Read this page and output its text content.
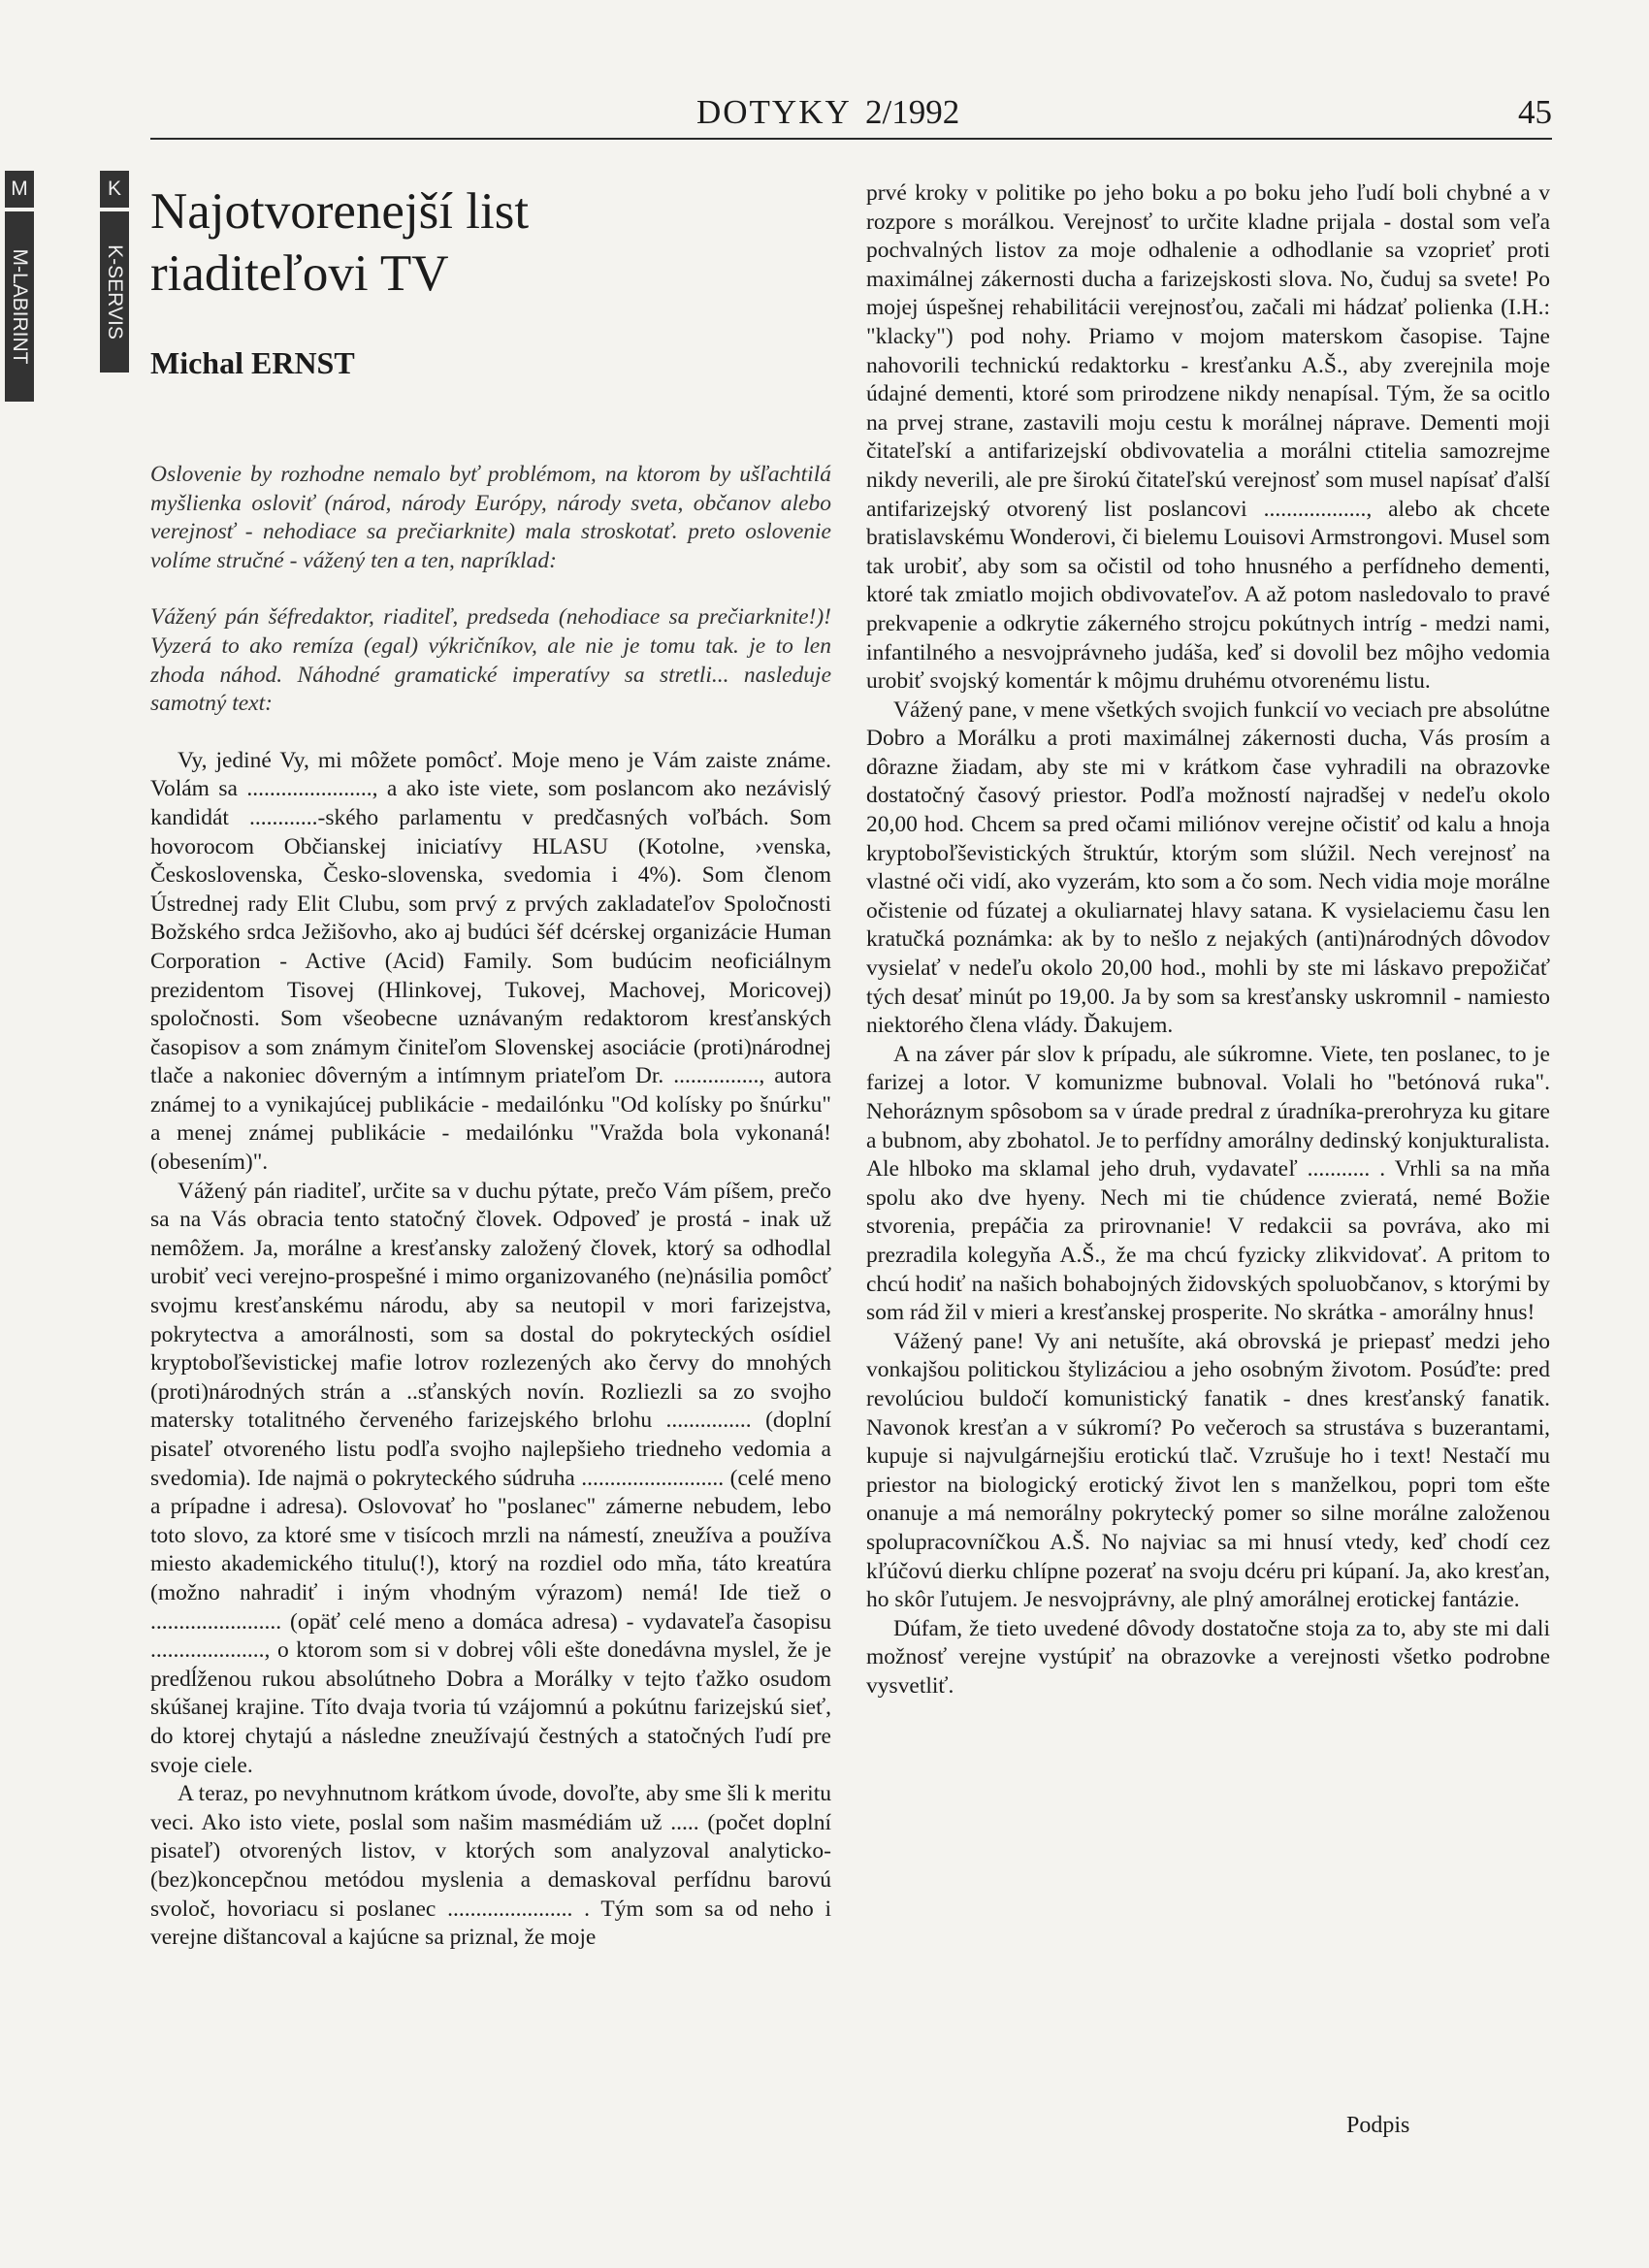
DOTYKY 2/1992	45
M
M-LABIRINT
K
K-SERVIS
Najotvorenejší list riaditeľovi TV
Michal ERNST

Oslovenie by rozhodne nemalo byť problémom, na ktorom by ušľachtilá myšlienka osloviť (národ, národy Európy, národy sveta, občanov alebo verejnosť - nehodiace sa prečiarknite) mala stroskotať. preto oslovenie volíme stručné - vážený ten a ten, napríklad:

Vážený pán šéfredaktor, riaditeľ, predseda (nehodiace sa prečiarknite!)! Vyzerá to ako remíza (egal) výkričníkov, ale nie je tomu tak. je to len zhoda náhod. Náhodné gramatické imperatívy sa stretli... nasleduje samotný text:

Vy, jediné Vy, mi môžete pomôcť. Moje meno je Vám zaiste známe. Volám sa ......................, a ako iste viete, som poslancom ako nezávislý kandidát ............-ského parlamentu v predčasných voľbách. Som hovorocom Občianskej iniciatívy HLASU (Kotolne, ›venska, Československa, Česko-slovenska, svedomia i 4%). Som členom Ústrednej rady Elit Clubu, som prvý z prvých zakladateľov Spoločnosti Božského srdca Ježišovho, ako aj budúci šéf dcérskej organizácie Human Corporation - Active (Acid) Family. Som budúcim neoficiálnym prezidentom Tisovej (Hlinkovej, Tukovej, Machovej, Moricovej) spoločnosti. Som všeobecne uznávaným redaktorom kresťanských časopisov a som známym činiteľom Slovenskej asociácie (proti)národnej tlače a nakoniec dôverným a intímnym priateľom Dr. ..............., autora známej to a vynikajúcej publikácie - medailónku "Od kolísky po šnúrku" a menej známej publikácie - medailónku "Vražda bola vykonaná! (obesením)".

Vážený pán riaditeľ, určite sa v duchu pýtate, prečo Vám píšem, prečo sa na Vás obracia tento statočný človek. Odpoveď je prostá - inak už nemôžem. Ja, morálne a kresťansky založený človek, ktorý sa odhodlal urobiť veci verejno-prospešné i mimo organizovaného (ne)násilia pomôcť svojmu kresťanskému národu, aby sa neutopil v mori farizejstva, pokrytectva a amorálnosti, som sa dostal do pokryteckých osídiel kryptoboľševistickej mafie lotrov rozlezených ako červy do mnohých (proti)národných strán a ..sťanských novín. Rozliezli sa zo svojho matersky totalitného červeného farizejského brlohu ............... (doplní pisateľ otvoreného listu podľa svojho najlepšieho triedneho vedomia a svedomia). Ide najmä o pokryteckého súdruha ......................... (celé meno a prípadne i adresa). Oslovovať ho "poslanec" zámerne nebudem, lebo toto slovo, za ktoré sme v tisícoch mrzli na námestí, zneužíva a používa miesto akademického titulu(!), ktorý na rozdiel odo mňa, táto kreatúra (možno nahradiť i iným vhodným výrazom) nemá! Ide tiež o ....................... (opäť celé meno a domáca adresa) - vydavateľa časopisu ...................., o ktorom som si v dobrej vôli ešte donedávna myslel, že je predĺženou rukou absolútneho Dobra a Morálky v tejto ťažko osudom skúšanej krajine. Títo dvaja tvoria tú vzájomnú a pokútnu farizejskú sieť, do ktorej chytajú a následne zneužívajú čestných a statočných ľudí pre svoje ciele.

A teraz, po nevyhnutnom krátkom úvode, dovoľte, aby sme šli k meritu veci. Ako isto viete, poslal som našim masmédiám už ..... (počet doplní pisateľ) otvorených listov, v ktorých som analyzoval analyticko-(bez)koncepčnou metódou myslenia a demaskoval perfídnu barovú svoloč, hovoriacu si poslanec ...................... . Tým som sa od neho i verejne dištancoval a kajúcne sa priznal, že moje

prvé kroky v politike po jeho boku a po boku jeho ľudí boli chybné a v rozpore s morálkou. Verejnosť to určite kladne prijala - dostal som veľa pochvalných listov za moje odhalenie a odhodlanie sa vzoprieť proti maximálnej zákernosti ducha a farizejskosti slova. No, čuduj sa svete! Po mojej úspešnej rehabilitácii verejnosťou, začali mi hádzať polienka (I.H.: "klacky") pod nohy. Priamo v mojom materskom časopise. Tajne nahovorili technickú redaktorku - kresťanku A.Š., aby zverejnila moje údajné dementi, ktoré som prirodzene nikdy nenapísal. Tým, že sa ocitlo na prvej strane, zastavili moju cestu k morálnej náprave. Dementi moji čitateľskí a antifarizejskí obdivovatelia a morálni ctitelia samozrejme nikdy neverili, ale pre širokú čitateľskú verejnosť som musel napísať ďalší antifarizejský otvorený list poslancovi .................., alebo ak chcete bratislavskému Wonderovi, či bielemu Louisovi Armstrongovi. Musel som tak urobiť, aby som sa očistil od toho hnusného a perfídneho dementi, ktoré tak zmiatlo mojich obdivovateľov. A až potom nasledovalo to pravé prekvapenie a odkrytie zákerného strojcu pokútnych intríg - medzi nami, infantilného a nesvojprávneho judáša, keď si dovolil bez môjho vedomia urobiť svojský komentár k môjmu druhému otvorenému listu.

Vážený pane, v mene všetkých svojich funkcií vo veciach pre absolútne Dobro a Morálku a proti maximálnej zákernosti ducha, Vás prosím a dôrazne žiadam, aby ste mi v krátkom čase vyhradili na obrazovke dostatočný časový priestor. Podľa možností najradšej v nedeľu okolo 20,00 hod. Chcem sa pred očami miliónov verejne očistiť od kalu a hnoja kryptoboľševistických štruktúr, ktorým som slúžil. Nech verejnosť na vlastné oči vidí, ako vyzerám, kto som a čo som. Nech vidia moje morálne očistenie od fúzatej a okuliarnatej hlavy satana. K vysielaciemu času len kratučká poznámka: ak by to nešlo z nejakých (anti)národných dôvodov vysielať v nedeľu okolo 20,00 hod., mohli by ste mi láskavo prepožičať tých desať minút po 19,00. Ja by som sa kresťansky uskromnil - namiesto niektorého člena vlády. Ďakujem.

A na záver pár slov k prípadu, ale súkromne. Viete, ten poslanec, to je farizej a lotor. V komunizme bubnoval. Volali ho "betónová ruka". Nehoráznym spôsobom sa v úrade predral z úradníka-prerohryza ku gitare a bubnom, aby zbohatol. Je to perfídny amorálny dedinský konjukturalista.

Ale hlboko ma sklamal jeho druh, vydavateľ ........... . Vrhli sa na mňa spolu ako dve hyeny. Nech mi tie chúdence zvieratá, nemé Božie stvorenia, prepáčia za prirovnanie! V redakcii sa povráva, ako mi prezradila kolegyňa A.Š., že ma chcú fyzicky zlikvidovať. A pritom to chcú hodiť na našich bohabojných židovských spoluobčanov, s ktorými by som rád žil v mieri a kresťanskej prosperite. No skrátka - amorálny hnus!

Vážený pane! Vy ani netušíte, aká obrovská je priepasť medzi jeho vonkajšou politickou štylizáciou a jeho osobným životom. Posúďte: pred revolúciou buldočí komunistický fanatik - dnes kresťanský fanatik. Navonok kresťan a v súkromí? Po večeroch sa strustáva s buzerantami, kupuje si najvulgárnejšiu erotickú tlač. Vzrušuje ho i text! Nestačí mu priestor na biologický erotický život len s manželkou, popri tom ešte onanuje a má nemorálny pokrytecký pomer so silne morálne založenou spolupracovníčkou A.Š. No najviac sa mi hnusí vtedy, keď chodí cez kľúčovú dierku chlípne pozerať na svoju dcéru pri kúpaní. Ja, ako kresťan, ho skôr ľutujem. Je nesvojprávny, ale plný amorálnej erotickej fantázie.

Dúfam, že tieto uvedené dôvody dostatočne stoja za to, aby ste mi dali možnosť verejne vystúpiť na obrazovke a verejnosti všetko podrobne vysvetliť.

Podpis
